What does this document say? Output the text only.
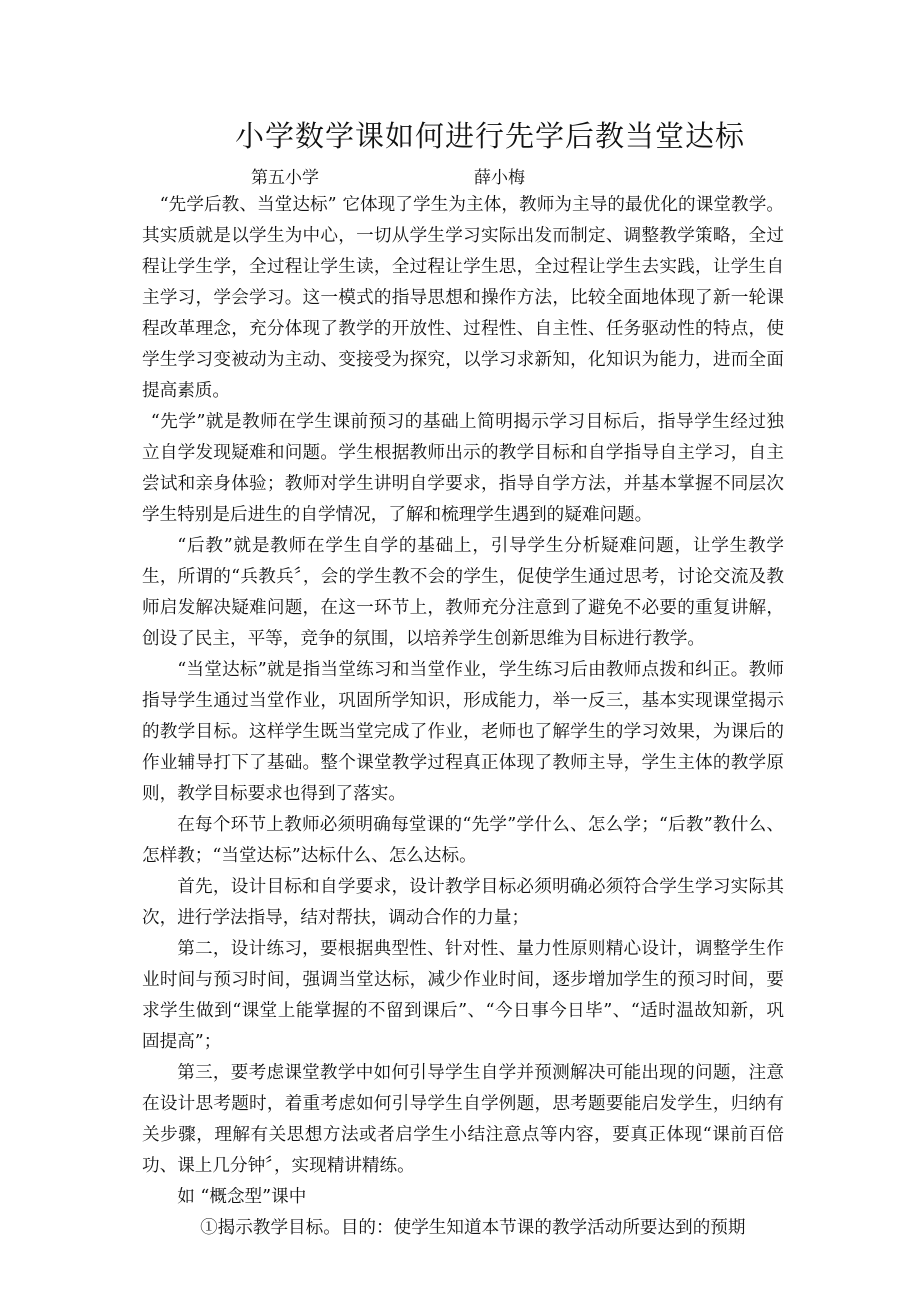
小学数学课如何进行先学后教当堂达标
第五小学	薛小梅

“先学后教、当堂达标” 它体现了学生为主体，教师为主导的最优化的课堂教学。其实质就是以学生为中心，一切从学生学习实际出发而制定、调整教学策略，全过程让学生学，全过程让学生读，全过程让学生思，全过程让学生去实践，让学生自主学习，学会学习。这一模式的指导思想和操作方法，比较全面地体现了新一轮课程改革理念，充分体现了教学的开放性、过程性、自主性、任务驱动性的特点，使学生学习变被动为主动、变接受为探究，以学习求新知，化知识为能力，进而全面提高素质。

“先学”就是教师在学生课前预习的基础上简明揭示学习目标后，指导学生经过独立自学发现疑难和问题。学生根据教师出示的教学目标和自学指导自主学习，自主尝试和亲身体验；教师对学生讲明自学要求，指导自学方法，并基本掌握不同层次学生特别是后进生的自学情况，了解和梳理学生遇到的疑难问题。

“后教”就是教师在学生自学的基础上，引导学生分析疑难问题，让学生教学生，所谓的“兵教兵〞，会的学生教不会的学生，促使学生通过思考，讨论交流及教师启发解决疑难问题，在这一环节上，教师充分注意到了避免不必要的重复讲解，创设了民主，平等，竞争的氛围，以培养学生创新思维为目标进行教学。

“当堂达标”就是指当堂练习和当堂作业，学生练习后由教师点拨和纠正。教师指导学生通过当堂作业，巩固所学知识，形成能力，举一反三，基本实现课堂揭示的教学目标。这样学生既当堂完成了作业，老师也了解学生的学习效果，为课后的作业辅导打下了基础。整个课堂教学过程真正体现了教师主导，学生主体的教学原则，教学目标要求也得到了落实。

在每个环节上教师必须明确每堂课的“先学”学什么、怎么学；“后教”教什么、怎样教；“当堂达标”达标什么、怎么达标。

首先，设计目标和自学要求，设计教学目标必须明确必须符合学生学习实际其次，进行学法指导，结对帮扶，调动合作的力量；

第二，设计练习，要根据典型性、针对性、量力性原则精心设计，调整学生作业时间与预习时间，强调当堂达标，减少作业时间，逐步增加学生的预习时间，要求学生做到“课堂上能掌握的不留到课后”、“今日事今日毕”、“适时温故知新，巩固提高”；

第三，要考虑课堂教学中如何引导学生自学并预测解决可能出现的问题，注意在设计思考题时，着重考虑如何引导学生自学例题，思考题要能启发学生，归纳有关步骤，理解有关思想方法或者启学生小结注意点等内容，要真正体现“课前百倍功、课上几分钟〞，实现精讲精练。

如 “概念型”课中

①揭示教学目标。目的：使学生知道本节课的教学活动所要达到的预期
